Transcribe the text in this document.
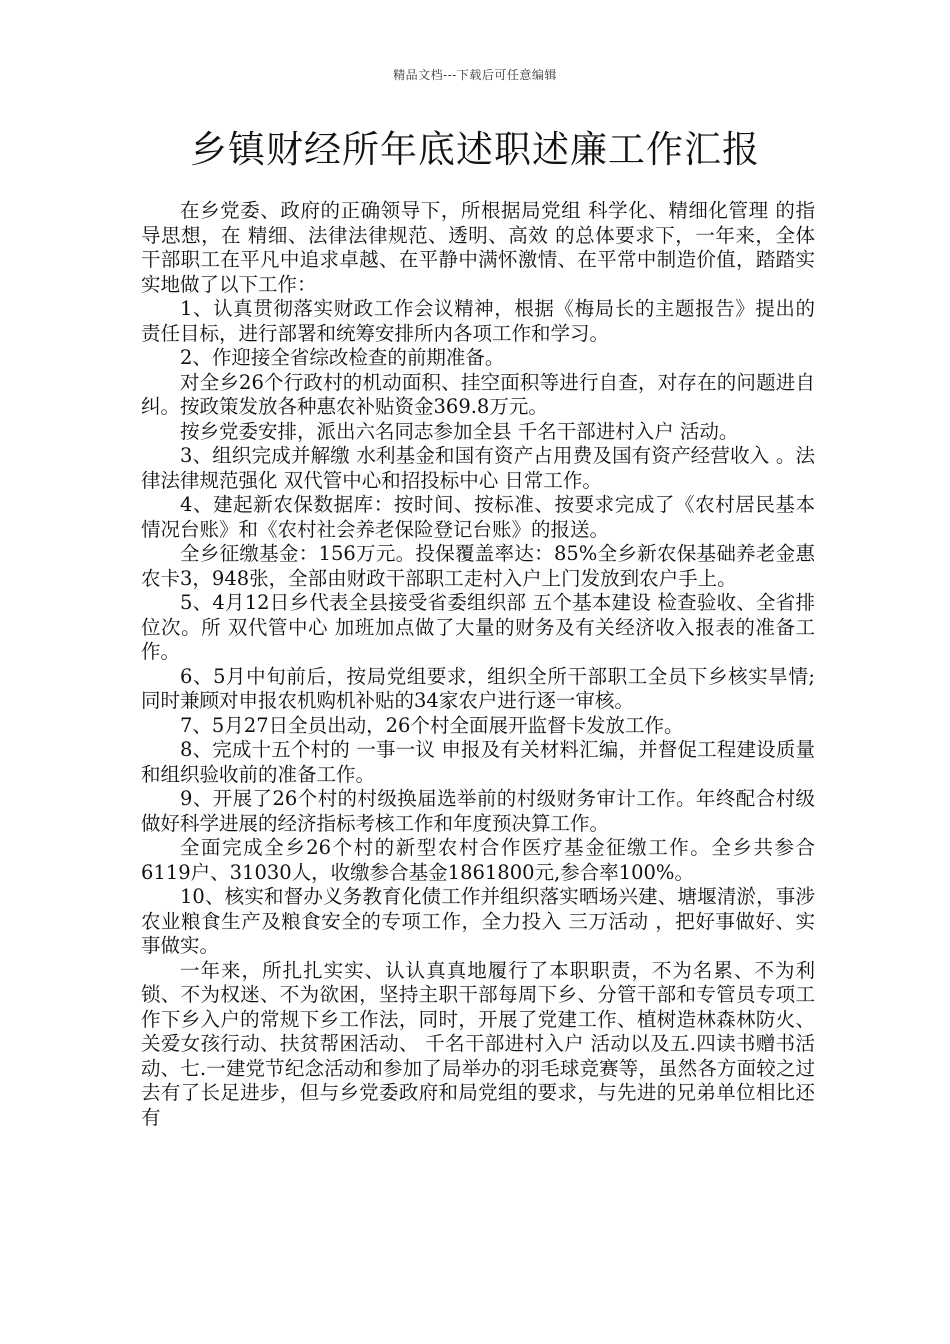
精品文档---下载后可任意编辑
乡镇财经所年底述职述廉工作汇报

在乡党委、政府的正确领导下，所根据局党组 科学化、精细化管理 的指导思想，在 精细、法律法律规范、透明、高效 的总体要求下，一年来，全体干部职工在平凡中追求卓越、在平静中满怀激情、在平常中制造价值，踏踏实实地做了以下工作：

1、认真贯彻落实财政工作会议精神，根据《梅局长的主题报告》提出的责任目标，进行部署和统筹安排所内各项工作和学习。

2、作迎接全省综改检查的前期准备。

对全乡26个行政村的机动面积、挂空面积等进行自查，对存在的问题进自纠。按政策发放各种惠农补贴资金369.8万元。

按乡党委安排，派出六名同志参加全县 千名干部进村入户 活动。

3、组织完成并解缴 水利基金和国有资产占用费及国有资产经营收入 。法律法律规范强化 双代管中心和招投标中心 日常工作。

4、建起新农保数据库：按时间、按标准、按要求完成了《农村居民基本情况台账》和《农村社会养老保险登记台账》的报送。

全乡征缴基金：156万元。投保覆盖率达：85%全乡新农保基础养老金惠农卡3，948张，全部由财政干部职工走村入户上门发放到农户手上。

5、4月12日乡代表全县接受省委组织部 五个基本建设 检查验收、全省排位次。所 双代管中心 加班加点做了大量的财务及有关经济收入报表的准备工作。

6、5月中旬前后，按局党组要求，组织全所干部职工全员下乡核实旱情;同时兼顾对申报农机购机补贴的34家农户进行逐一审核。

7、5月27日全员出动，26个村全面展开监督卡发放工作。

8、完成十五个村的 一事一议 申报及有关材料汇编，并督促工程建设质量和组织验收前的准备工作。

9、开展了26个村的村级换届选举前的村级财务审计工作。年终配合村级做好科学进展的经济指标考核工作和年度预决算工作。

全面完成全乡26个村的新型农村合作医疗基金征缴工作。全乡共参合6119户、31030人，收缴参合基金1861800元,参合率100%。

10、核实和督办义务教育化债工作并组织落实晒场兴建、塘堰清淤，事涉农业粮食生产及粮食安全的专项工作，全力投入 三万活动 ，把好事做好、实事做实。

一年来，所扎扎实实、认认真真地履行了本职职责，不为名累、不为利锁、不为权迷、不为欲困，坚持主职干部每周下乡、分管干部和专管员专项工作下乡入户的常规下乡工作法，同时，开展了党建工作、植树造林森林防火、关爱女孩行动、扶贫帮困活动、 千名干部进村入户 活动以及五.四读书赠书活动、七.一建党节纪念活动和参加了局举办的羽毛球竞赛等，虽然各方面较之过去有了长足进步，但与乡党委政府和局党组的要求，与先进的兄弟单位相比还有
